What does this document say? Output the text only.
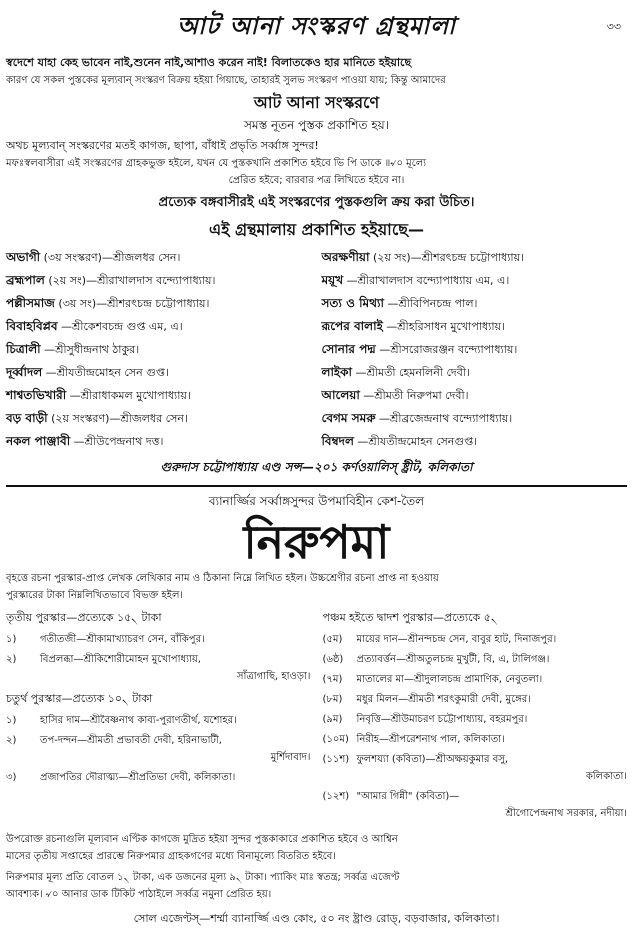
৩৩
আট আনা সংস্করণ গ্রন্থমালা
স্বদেশে যাহা কেহ ভাবেন নাই,শুনেন নাই,আশাও করেন নাই! বিলাতকেও হার মানিতে হইয়াছে
কারণ যে সকল পুস্তকের মূল্যবান্ সংস্করণ বিক্রয় হইয়া গিয়াছে, তাহারই সুলভ সংস্করণ পাওয়া যায়; কিন্তু আমাদের
আট আনা সংস্করণে
সমস্ত নূতন পুস্তক প্রকাশিত হয়।
অথচ মূল্যবান্ সংস্করণের মতই কাগজ, ছাপা, বাঁধাই প্রভৃতি সর্ব্বাঙ্গ সুন্দর!
মফঃস্বলবাসীরা এই সংস্করণের গ্রাহকভুক্ত হইলে, যখন যে পুস্তকখানি প্রকাশিত হইবে ভি পি ডাকে ॥৵০ মূল্যে
প্রেরিত হইবে; বারবার পত্র লিখিতে হইবে না।
প্রত্যেক বঙ্গবাসীরই এই সংস্করণের পুস্তকগুলি ক্রয় করা উচিত।
এই গ্রন্থমালায় প্রকাশিত হইয়াছে—
অভাগী (৩য় সংস্করণ)—শ্রীজলধর সেন।	অরক্ষণীয়া (২য় সং)—শ্রীশরৎচন্দ্র চট্টোপাধ্যায়।
ব্রহ্মপাল (২য় সং)—শ্রীরাখালদাস বন্দ্যোপাধ্যায়।	ময়ূখ —শ্রীরাখালদাস বন্দ্যোপাধ্যায় এম, এ।
পল্লীসমাজ (৩য় সং)—শ্রীশরৎচন্দ্র চট্টোপাধ্যায়।	সত্য ও মিথ্যা —শ্রীবিপিনচন্দ্র পাল।
বিবাহবিপ্লব —শ্রীকেশবচন্দ্র গুপ্ত এম, এ।	রূপের বালাই —শ্রীহরিসাধন মুখোপাধ্যায়।
চিত্রালী —শ্রীসুধীন্দ্রনাথ ঠাকুর।	সোনার পদ্ম —শ্রীসরোজরঞ্জন বন্দ্যোপাধ্যায়।
দূর্ব্বাদল —শ্রীযতীন্দ্রমোহন সেন গুপ্ত।	লাইকা —শ্রীমতী হেমনলিনী দেবী।
শাশ্বতভিখারী —শ্রীরাধাকমল মুখোপাধ্যায়।	আলেয়া —শ্রীমতী নিরুপমা দেবী।
বড় বাড়ী (২য় সংস্করণ)—শ্রীজলধর সেন।	বেগম সমরু —শ্রীব্রজেন্দ্রনাথ বন্দ্যোপাধ্যায়।
নকল পাঞ্জাবী —শ্রীউপেন্দ্রনাথ দত্ত।	বিম্বদল —শ্রীযতীন্দ্রমোহন সেনগুপ্ত।
গুরুদাস চট্টোপাধ্যায় এণ্ড সন্স—২০১ কর্ণওয়ালিস্ ষ্ট্রীট, কলিকাতা
ব্যানার্জ্জির সর্ব্বাঙ্গসুন্দর উপমাবিহীন কেশ-তৈল
নিরুপমা
বৃহত্তে রচনা পুরস্কার-প্রাপ্ত লেখক লেখিকার নাম ও ঠিকানা নিম্নে লিখিত হইল। উচ্চশ্রেণীর রচনা প্রাপ্ত না হওয়ায়
পুরস্কারের টাকা নিম্নলিখিতভাবে বিভক্ত হইল।
তৃতীয় পুরস্কার—প্রত্যেকে ১৫৲ টাকা
১)	গতীতজী—শ্রীকামাখ্যাচরণ সেন, বাঁকিপুর।
২)	বিপ্রলব্ধা—শ্রীকিশোরীমোহন মুখোপাধ্যায়,
সাঁত্রাগাছি, হাওড়া।
চতুর্থ পুরস্কার—প্রত্যেক ১০৲ টাকা
১)	হাসির দাম—শ্রীবৈষ্ণনাথ কাব্য-পুরাণতীর্থ, যশোহর।
২)	তপ-দন্দন—শ্রীমতী প্রভাবতী দেবী, হরিনাভাটী,
মুর্শিদাবাদ।
৩)	প্রজাপতির দৌরাত্ম্য—শ্রীপ্রতিভা দেবী, কলিকাতা।
পঞ্চম হইতে দ্বাদশ পুরস্কার—প্রত্যেকে ৫৲
(৫ম)	মায়ের দান—শ্রীনন্দচন্দ্র সেন, বাবুর হাট, দিনাজপুর।
(৬ষ্ঠ)	প্রত্যাবর্ত্তন—শ্রীঅতুলচন্দ্র মুখুটী, বি, এ, টালিগঞ্জ।
(৭ম)	মাতালের মা—শ্রীদুলালচন্দ্র প্রামাণিক, নেবুতলা।
(৮ম)	মধুর মিলন—শ্রীমতী শরৎকুমারী দেবী, মুঙ্গের।
(৯ম)	নিবৃত্তি—শ্রীউমাচরণ চট্টোপাধ্যায়, বহরমপুর।
(১০ম) নিরীহ—শ্রীপরেশনাথ পাল, কলিকাতা।
(১১শ) ফুলশয্যা (কবিতা)—শ্রীঅক্ষয়কুমার বসু,
কলিকাতা।
(১২শ) "আমার গিন্নী" (কবিতা)—
শ্রীগোপেন্দ্রনাথ সরকার, নদীয়া।
উপরোক্ত রচনাগুলি মূল্যবান এণ্টিক কাগজে মুদ্রিত হইয়া সুন্দর পুস্তকাকারে প্রকাশিত হইবে ও আশ্বিন
মাসের তৃতীয় সপ্তাহের প্রারম্ভে নিরুপমার গ্রাহকগণের মধ্যে বিনামূল্যে বিতরিত হইবে।
নিরুপমার মূল্য প্রতি বোতল ১৲ টাকা, এক ডজনের মূল্য ৯৲ টাকা। প্যাকিং মাঃ স্বতন্ত্র; সর্ব্বত্র এজেণ্ট
আবশ্যক। ৵০ আনার ডাক টিকিট পাঠাইলে সর্ব্বত্র নমুনা প্রেরিত হয়।
সোল এজেণ্টস্—শর্ম্মা ব্যানার্জ্জি এণ্ড কোং, ৫০ নং ষ্ট্রাণ্ড রোড্, বড়বাজার, কলিকাতা।
